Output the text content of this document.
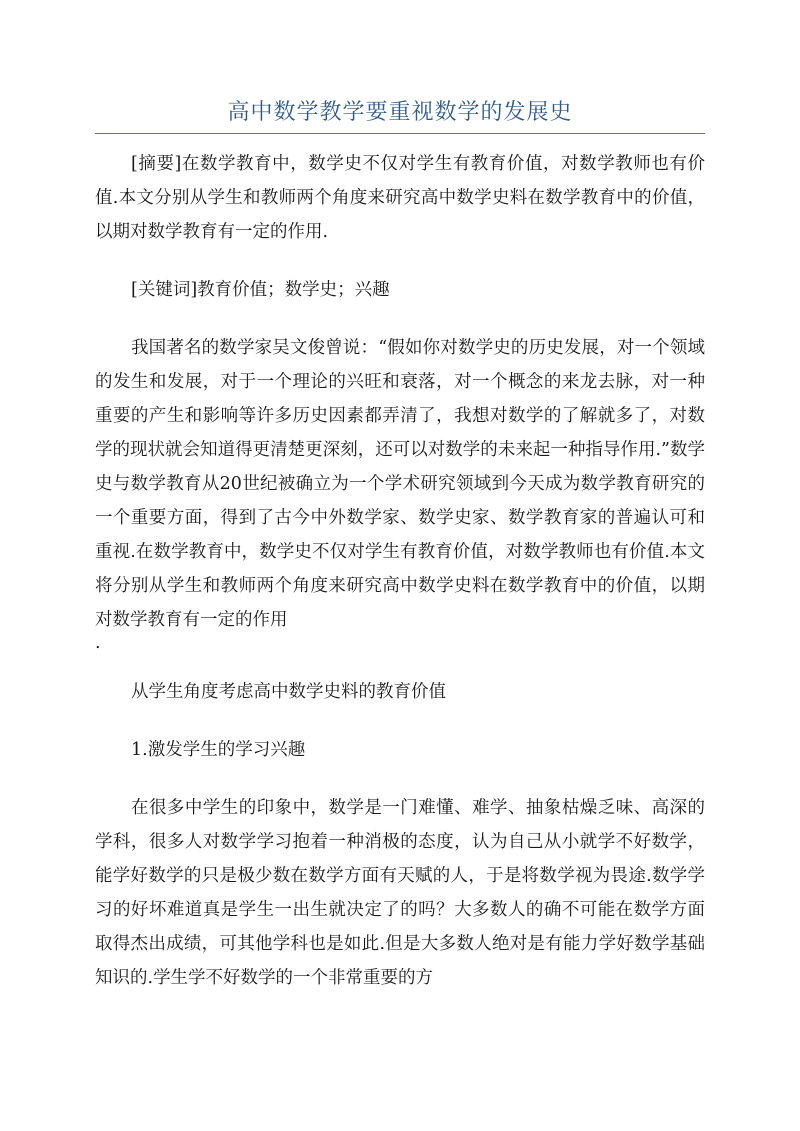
高中数学教学要重视数学的发展史

[摘要]在数学教育中，数学史不仅对学生有教育价值，对数学教师也有价值.本文分别从学生和教师两个角度来研究高中数学史料在数学教育中的价值，以期对数学教育有一定的作用.

[关键词]教育价值；数学史；兴趣

我国著名的数学家吴文俊曾说：“假如你对数学史的历史发展，对一个领域的发生和发展，对于一个理论的兴旺和衰落，对一个概念的来龙去脉，对一种重要的产生和影响等许多历史因素都弄清了，我想对数学的了解就多了，对数学的现状就会知道得更清楚更深刻，还可以对数学的未来起一种指导作用.”数学史与数学教育从20世纪被确立为一个学术研究领域到今天成为数学教育研究的一个重要方面，得到了古今中外数学家、数学史家、数学教育家的普遍认可和重视.在数学教育中，数学史不仅对学生有教育价值，对数学教师也有价值.本文将分别从学生和教师两个角度来研究高中数学史料在数学教育中的价值，以期对数学教育有一定的作用
.

从学生角度考虑高中数学史料的教育价值

1.激发学生的学习兴趣

在很多中学生的印象中，数学是一门难懂、难学、抽象枯燥乏味、高深的学科，很多人对数学学习抱着一种消极的态度，认为自己从小就学不好数学，能学好数学的只是极少数在数学方面有天赋的人，于是将数学视为畏途.数学学习的好坏难道真是学生一出生就决定了的吗？大多数人的确不可能在数学方面取得杰出成绩，可其他学科也是如此.但是大多数人绝对是有能力学好数学基础知识的.学生学不好数学的一个非常重要的方
